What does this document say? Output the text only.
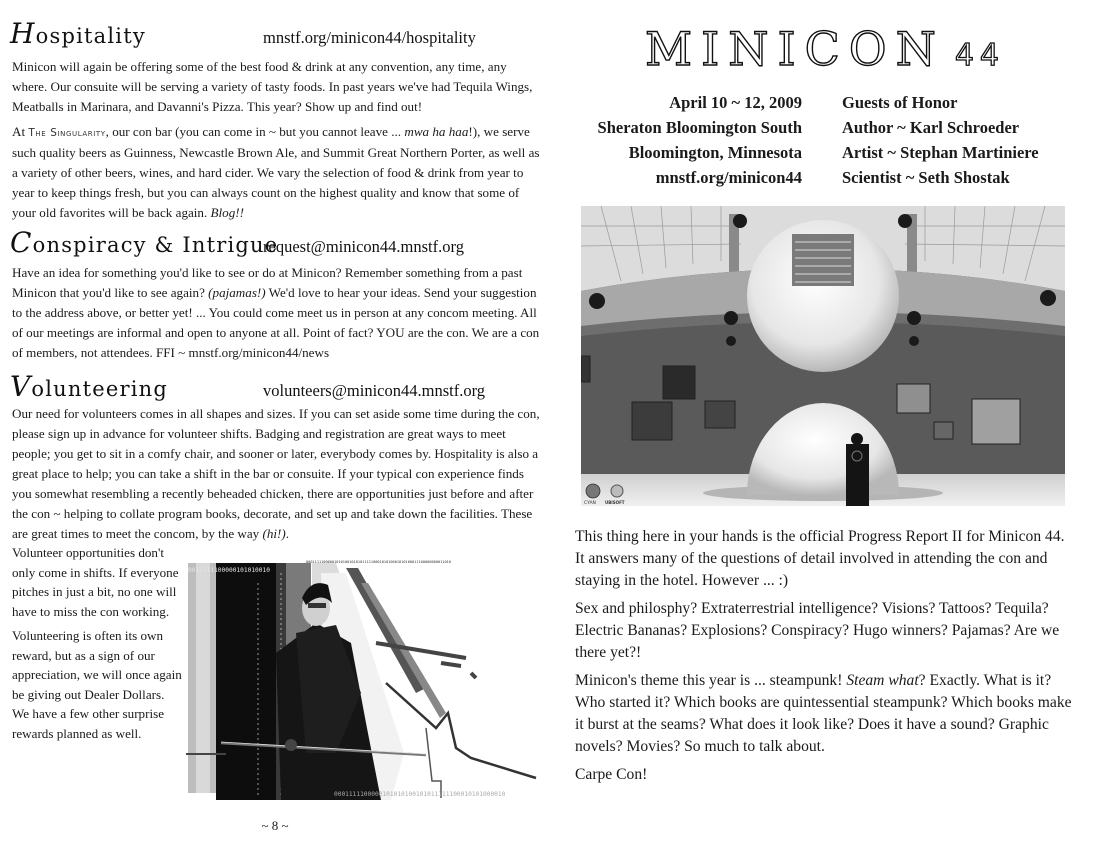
Hospitality	mnstf.org/minicon44/hospitality

Minicon will again be offering some of the best food & drink at any convention, any time, any where. Our consuite will be serving a variety of tasty foods. In past years we've had Tequila Wings, Meatballs in Marinara, and Davanni's Pizza. This year? Show up and find out!

At The Singularity, our con bar (you can come in ~ but you cannot leave ... mwa ha haa!), we serve such quality beers as Guinness, Newcastle Brown Ale, and Summit Great Northern Porter, as well as a variety of other beers, wines, and hard cider. We vary the selection of food & drink from year to year to keep things fresh, but you can always count on the highest quality and know that some of your old favorites will be back again. Blog!!

Conspiracy & Intrigue
request@minicon44.mnstf.org

Have an idea for something you'd like to see or do at Minicon? Remember something from a past Minicon that you'd like to see again? (pajamas!) We'd love to hear your ideas. Send your suggestion to the address above, or better yet! ... You could come meet us in person at any concom meeting. All of our meetings are informal and open to anyone at all. Point of fact? YOU are the con. We are a con of members, not attendees. FFI ~ mnstf.org/minicon44/news

Volunteering	volunteers@minicon44.mnstf.org

Our need for volunteers comes in all shapes and sizes. If you can set aside some time during the con, please sign up in advance for volunteer shifts. Badging and registration are great ways to meet people; you get to sit in a comfy chair, and sooner or later, everybody comes by. Hospitality is also a great place to help; you can take a shift in the bar or consuite. If your typical con experience finds you somewhat resembling a recently beheaded chicken, there are opportunities just before and after the con ~ helping to collate program books, decorate, and set up and take down the facilities. These are great times to meet the concom, by the way (hi!).

Volunteer opportunities don't only come in shifts. If everyone pitches in just a bit, no one will have to miss the con working.

Volunteering is often its own reward, but as a sign of our appreciation, we will once again be giving out Dealer Dollars. We have a few other surprise rewards planned as well.

0001111100000101010010101011111000101010001010100011100000000011010
0011111100000101010010
0001111100000101010100101011111100010101000010
~ 8 ~
MINICON 44
April 10 ~ 12, 2009
Sheraton Bloomington South
Bloomington, Minnesota
mnstf.org/minicon44
Guests of Honor
Author ~ Karl Schroeder
Artist ~ Stephan Martiniere
Scientist ~ Seth Shostak
CYAN UBISOFT

This thing here in your hands is the official Progress Report II for Minicon 44. It answers many of the questions of detail involved in attending the con and staying in the hotel. However ... :)

Sex and philosphy? Extraterrestrial intelligence? Visions? Tattoos? Tequila? Electric Bananas? Explosions? Conspiracy? Hugo winners? Pajamas? Are we there yet?!

Minicon's theme this year is ... steampunk! Steam what? Exactly. What is it? Who started it? Which books are quintessential steampunk? Which books make it burst at the seams? What does it look like? Does it have a sound? Graphic novels? Movies? So much to talk about.

Carpe Con!
